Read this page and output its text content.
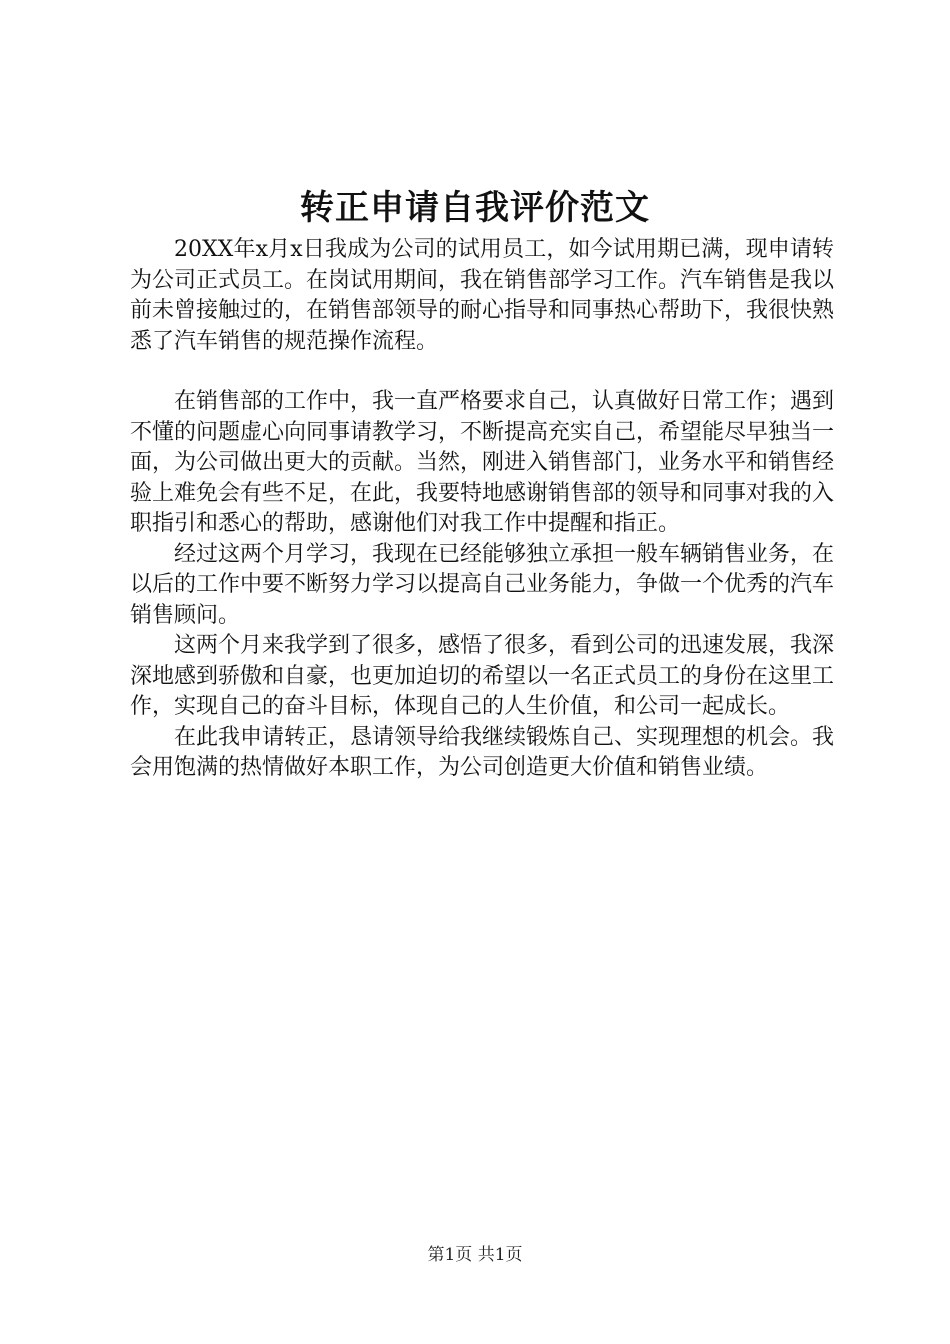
转正申请自我评价范文

20XX年x月x日我成为公司的试用员工，如今试用期已满，现申请转为公司正式员工。在岗试用期间，我在销售部学习工作。汽车销售是我以前未曾接触过的，在销售部领导的耐心指导和同事热心帮助下，我很快熟悉了汽车销售的规范操作流程。

在销售部的工作中，我一直严格要求自己，认真做好日常工作；遇到不懂的问题虚心向同事请教学习，不断提高充实自己，希望能尽早独当一面，为公司做出更大的贡献。当然，刚进入销售部门，业务水平和销售经验上难免会有些不足，在此，我要特地感谢销售部的领导和同事对我的入职指引和悉心的帮助，感谢他们对我工作中提醒和指正。

经过这两个月学习，我现在已经能够独立承担一般车辆销售业务，在以后的工作中要不断努力学习以提高自己业务能力，争做一个优秀的汽车销售顾问。

这两个月来我学到了很多，感悟了很多，看到公司的迅速发展，我深深地感到骄傲和自豪，也更加迫切的希望以一名正式员工的身份在这里工作，实现自己的奋斗目标，体现自己的人生价值，和公司一起成长。

在此我申请转正，恳请领导给我继续锻炼自己、实现理想的机会。我会用饱满的热情做好本职工作，为公司创造更大价值和销售业绩。

第1页 共1页
